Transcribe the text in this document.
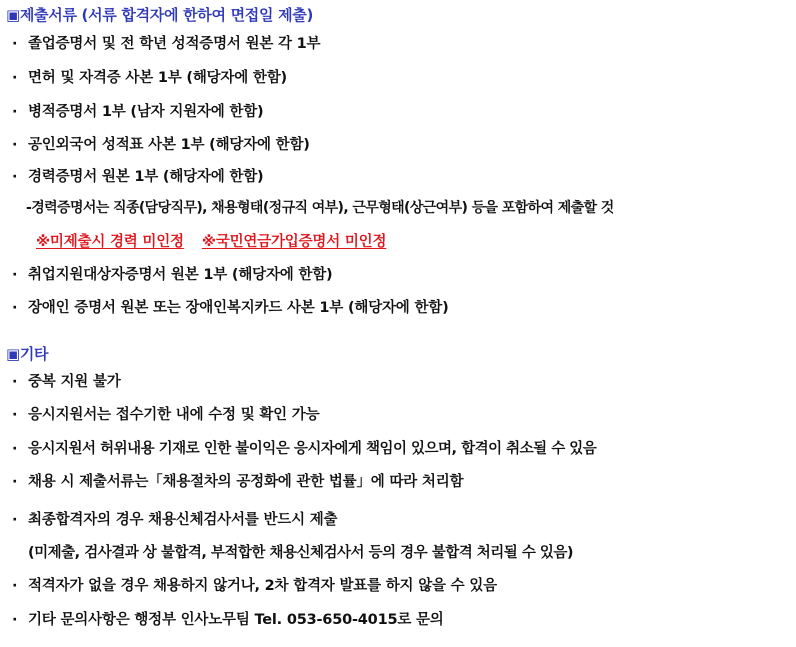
▣제출서류 (서류 합격자에 한하여 면접일 제출)
· 졸업증명서 및 전 학년 성적증명서 원본 각 1부
· 면허 및 자격증 사본 1부 (해당자에 한함)
· 병적증명서 1부 (남자 지원자에 한함)
· 공인외국어 성적표 사본 1부 (해당자에 한함)
· 경력증명서 원본 1부 (해당자에 한함)
-경력증명서는 직종(담당직무), 채용형태(정규직 여부), 근무형태(상근여부) 등을 포함하여 제출할 것
※미제출시 경력 미인정 ※국민연금가입증명서 미인정
· 취업지원대상자증명서 원본 1부 (해당자에 한함)
· 장애인 증명서 원본 또는 장애인복지카드 사본 1부 (해당자에 한함)
▣기타
· 중복 지원 불가
· 응시지원서는 접수기한 내에 수정 및 확인 가능
· 응시지원서 허위내용 기재로 인한 불이익은 응시자에게 책임이 있으며, 합격이 취소될 수 있음
· 채용 시 제출서류는「채용절차의 공정화에 관한 법률」에 따라 처리함
· 최종합격자의 경우 채용신체검사서를 반드시 제출
(미제출, 검사결과 상 불합격, 부적합한 채용신체검사서 등의 경우 불합격 처리될 수 있음)
· 적격자가 없을 경우 채용하지 않거나, 2차 합격자 발표를 하지 않을 수 있음
· 기타 문의사항은 행정부 인사노무팀 Tel. 053-650-4015로 문의
